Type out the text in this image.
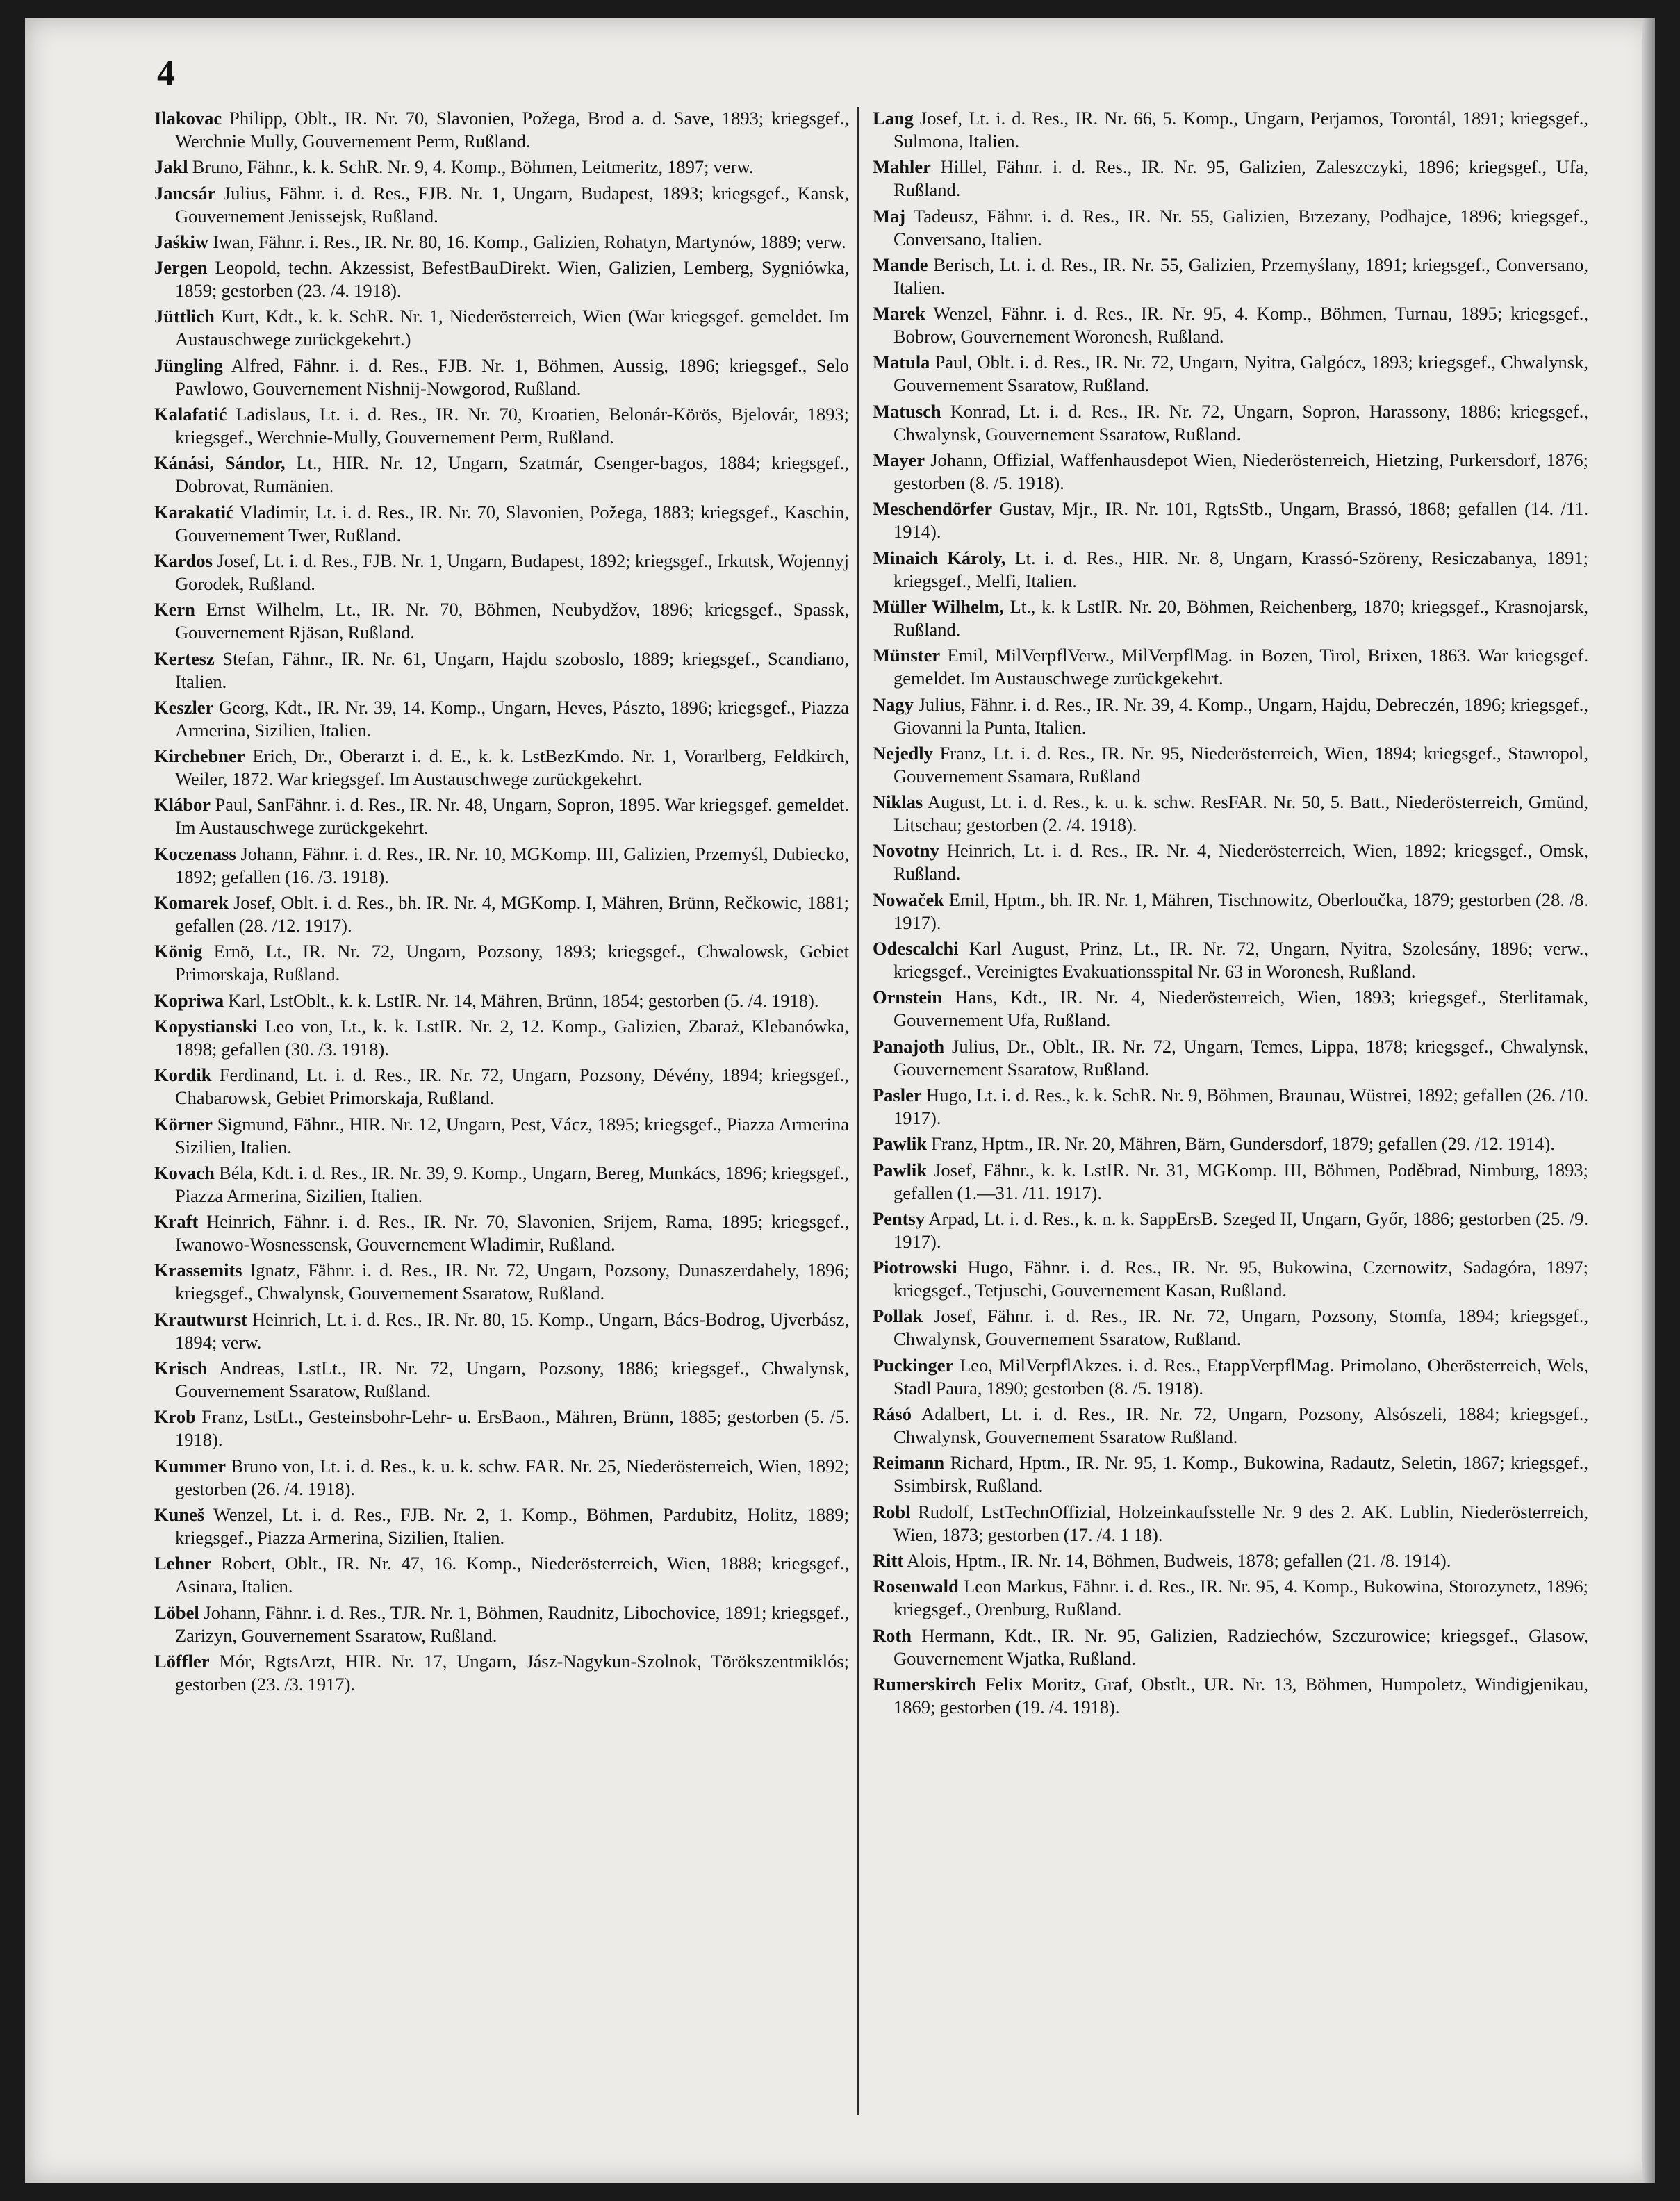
4

Ilakovac Philipp, Oblt., IR. Nr. 70, Slavonien, Požega, Brod a. d. Save, 1893; kriegsgef., Werchnie Mully, Gouvernement Perm, Rußland.

Jakl Bruno, Fähnr., k. k. SchR. Nr. 9, 4. Komp., Böhmen, Leitmeritz, 1897; verw.

Jancsár Julius, Fähnr. i. d. Res., FJB. Nr. 1, Ungarn, Budapest, 1893; kriegsgef., Kansk, Gouvernement Jenissejsk, Rußland.

Jaśkiw Iwan, Fähnr. i. Res., IR. Nr. 80, 16. Komp., Galizien, Rohatyn, Martynów, 1889; verw.

Jergen Leopold, techn. Akzessist, BefestBauDirekt. Wien, Galizien, Lemberg, Sygniówka, 1859; gestorben (23. /4. 1918).

Jüttlich Kurt, Kdt., k. k. SchR. Nr. 1, Niederösterreich, Wien (War kriegsgef. gemeldet. Im Austauschwege zurückgekehrt.)

Jüngling Alfred, Fähnr. i. d. Res., FJB. Nr. 1, Böhmen, Aussig, 1896; kriegsgef., Selo Pawlowo, Gouvernement Nishnij-Nowgorod, Rußland.

Kalafatić Ladislaus, Lt. i. d. Res., IR. Nr. 70, Kroatien, Belonár-Körös, Bjelovár, 1893; kriegsgef., Werchnie-Mully, Gouvernement Perm, Rußland.

Kánási, Sándor, Lt., HIR. Nr. 12, Ungarn, Szatmár, Csenger-bagos, 1884; kriegsgef., Dobrovat, Rumänien.

Karakatić Vladimir, Lt. i. d. Res., IR. Nr. 70, Slavonien, Požega, 1883; kriegsgef., Kaschin, Gouvernement Twer, Rußland.

Kardos Josef, Lt. i. d. Res., FJB. Nr. 1, Ungarn, Budapest, 1892; kriegsgef., Irkutsk, Wojennyj Gorodek, Rußland.

Kern Ernst Wilhelm, Lt., IR. Nr. 70, Böhmen, Neubydžov, 1896; kriegsgef., Spassk, Gouvernement Rjäsan, Rußland.

Kertesz Stefan, Fähnr., IR. Nr. 61, Ungarn, Hajdu szoboslo, 1889; kriegsgef., Scandiano, Italien.

Keszler Georg, Kdt., IR. Nr. 39, 14. Komp., Ungarn, Heves, Pászto, 1896; kriegsgef., Piazza Armerina, Sizilien, Italien.

Kirchebner Erich, Dr., Oberarzt i. d. E., k. k. LstBezKmdo. Nr. 1, Vorarlberg, Feldkirch, Weiler, 1872. War kriegsgef. Im Austauschwege zurückgekehrt.

Klábor Paul, SanFähnr. i. d. Res., IR. Nr. 48, Ungarn, Sopron, 1895. War kriegsgef. gemeldet. Im Austauschwege zurückgekehrt.

Koczenass Johann, Fähnr. i. d. Res., IR. Nr. 10, MGKomp. III, Galizien, Przemyśl, Dubiecko, 1892; gefallen (16. /3. 1918).

Komarek Josef, Oblt. i. d. Res., bh. IR. Nr. 4, MGKomp. I, Mähren, Brünn, Rečkowic, 1881; gefallen (28. /12. 1917).

König Ernö, Lt., IR. Nr. 72, Ungarn, Pozsony, 1893; kriegsgef., Chwalowsk, Gebiet Primorskaja, Rußland.

Kopriwa Karl, LstOblt., k. k. LstIR. Nr. 14, Mähren, Brünn, 1854; gestorben (5. /4. 1918).

Kopystianski Leo von, Lt., k. k. LstIR. Nr. 2, 12. Komp., Galizien, Zbaraż, Klebanówka, 1898; gefallen (30. /3. 1918).

Kordik Ferdinand, Lt. i. d. Res., IR. Nr. 72, Ungarn, Pozsony, Dévény, 1894; kriegsgef., Chabarowsk, Gebiet Primorskaja, Rußland.

Körner Sigmund, Fähnr., HIR. Nr. 12, Ungarn, Pest, Vácz, 1895; kriegsgef., Piazza Armerina Sizilien, Italien.

Kovach Béla, Kdt. i. d. Res., IR. Nr. 39, 9. Komp., Ungarn, Bereg, Munkács, 1896; kriegsgef., Piazza Armerina, Sizilien, Italien.

Kraft Heinrich, Fähnr. i. d. Res., IR. Nr. 70, Slavonien, Srijem, Rama, 1895; kriegsgef., Iwanowo-Wosnessensk, Gouvernement Wladimir, Rußland.

Krassemits Ignatz, Fähnr. i. d. Res., IR. Nr. 72, Ungarn, Pozsony, Dunaszerdahely, 1896; kriegsgef., Chwalynsk, Gouvernement Ssaratow, Rußland.

Krautwurst Heinrich, Lt. i. d. Res., IR. Nr. 80, 15. Komp., Ungarn, Bács-Bodrog, Ujverbász, 1894; verw.

Krisch Andreas, LstLt., IR. Nr. 72, Ungarn, Pozsony, 1886; kriegsgef., Chwalynsk, Gouvernement Ssaratow, Rußland.

Krob Franz, LstLt., Gesteinsbohr-Lehr- u. ErsBaon., Mähren, Brünn, 1885; gestorben (5. /5. 1918).

Kummer Bruno von, Lt. i. d. Res., k. u. k. schw. FAR. Nr. 25, Niederösterreich, Wien, 1892; gestorben (26. /4. 1918).

Kuneš Wenzel, Lt. i. d. Res., FJB. Nr. 2, 1. Komp., Böhmen, Pardubitz, Holitz, 1889; kriegsgef., Piazza Armerina, Sizilien, Italien.

Lehner Robert, Oblt., IR. Nr. 47, 16. Komp., Niederösterreich, Wien, 1888; kriegsgef., Asinara, Italien.

Löbel Johann, Fähnr. i. d. Res., TJR. Nr. 1, Böhmen, Raudnitz, Libochovice, 1891; kriegsgef., Zarizyn, Gouvernement Ssaratow, Rußland.

Löffler Mór, RgtsArzt, HIR. Nr. 17, Ungarn, Jász-Nagykun-Szolnok, Törökszentmiklós; gestorben (23. /3. 1917).

Lang Josef, Lt. i. d. Res., IR. Nr. 66, 5. Komp., Ungarn, Perjamos, Torontál, 1891; kriegsgef., Sulmona, Italien.

Mahler Hillel, Fähnr. i. d. Res., IR. Nr. 95, Galizien, Zaleszczyki, 1896; kriegsgef., Ufa, Rußland.

Maj Tadeusz, Fähnr. i. d. Res., IR. Nr. 55, Galizien, Brzezany, Podhajce, 1896; kriegsgef., Conversano, Italien.

Mande Berisch, Lt. i. d. Res., IR. Nr. 55, Galizien, Przemyślany, 1891; kriegsgef., Conversano, Italien.

Marek Wenzel, Fähnr. i. d. Res., IR. Nr. 95, 4. Komp., Böhmen, Turnau, 1895; kriegsgef., Bobrow, Gouvernement Woronesh, Rußland.

Matula Paul, Oblt. i. d. Res., IR. Nr. 72, Ungarn, Nyitra, Galgócz, 1893; kriegsgef., Chwalynsk, Gouvernement Ssaratow, Rußland.

Matusch Konrad, Lt. i. d. Res., IR. Nr. 72, Ungarn, Sopron, Harassony, 1886; kriegsgef., Chwalynsk, Gouvernement Ssaratow, Rußland.

Mayer Johann, Offizial, Waffenhausdepot Wien, Niederösterreich, Hietzing, Purkersdorf, 1876; gestorben (8. /5. 1918).

Meschendörfer Gustav, Mjr., IR. Nr. 101, RgtsStb., Ungarn, Brassó, 1868; gefallen (14. /11. 1914).

Minaich Károly, Lt. i. d. Res., HIR. Nr. 8, Ungarn, Krassó-Szöreny, Resiczabanya, 1891; kriegsgef., Melfi, Italien.

Müller Wilhelm, Lt., k. k LstIR. Nr. 20, Böhmen, Reichenberg, 1870; kriegsgef., Krasnojarsk, Rußland.

Münster Emil, MilVerpflVerw., MilVerpflMag. in Bozen, Tirol, Brixen, 1863. War kriegsgef. gemeldet. Im Austauschwege zurückgekehrt.

Nagy Julius, Fähnr. i. d. Res., IR. Nr. 39, 4. Komp., Ungarn, Hajdu, Debreczén, 1896; kriegsgef., Giovanni la Punta, Italien.

Nejedly Franz, Lt. i. d. Res., IR. Nr. 95, Niederösterreich, Wien, 1894; kriegsgef., Stawropol, Gouvernement Ssamara, Rußland

Niklas August, Lt. i. d. Res., k. u. k. schw. ResFAR. Nr. 50, 5. Batt., Niederösterreich, Gmünd, Litschau; gestorben (2. /4. 1918).

Novotny Heinrich, Lt. i. d. Res., IR. Nr. 4, Niederösterreich, Wien, 1892; kriegsgef., Omsk, Rußland.

Nowaček Emil, Hptm., bh. IR. Nr. 1, Mähren, Tischnowitz, Oberloučka, 1879; gestorben (28. /8. 1917).

Odescalchi Karl August, Prinz, Lt., IR. Nr. 72, Ungarn, Nyitra, Szolesány, 1896; verw., kriegsgef., Vereinigtes Evakuationsspital Nr. 63 in Woronesh, Rußland.

Ornstein Hans, Kdt., IR. Nr. 4, Niederösterreich, Wien, 1893; kriegsgef., Sterlitamak, Gouvernement Ufa, Rußland.

Panajoth Julius, Dr., Oblt., IR. Nr. 72, Ungarn, Temes, Lippa, 1878; kriegsgef., Chwalynsk, Gouvernement Ssaratow, Rußland.

Pasler Hugo, Lt. i. d. Res., k. k. SchR. Nr. 9, Böhmen, Braunau, Wüstrei, 1892; gefallen (26. /10. 1917).

Pawlik Franz, Hptm., IR. Nr. 20, Mähren, Bärn, Gundersdorf, 1879; gefallen (29. /12. 1914).

Pawlik Josef, Fähnr., k. k. LstIR. Nr. 31, MGKomp. III, Böhmen, Poděbrad, Nimburg, 1893; gefallen (1.—31. /11. 1917).

Pentsy Arpad, Lt. i. d. Res., k. n. k. SappErsB. Szeged II, Ungarn, Győr, 1886; gestorben (25. /9. 1917).

Piotrowski Hugo, Fähnr. i. d. Res., IR. Nr. 95, Bukowina, Czernowitz, Sadagóra, 1897; kriegsgef., Tetjuschi, Gouvernement Kasan, Rußland.

Pollak Josef, Fähnr. i. d. Res., IR. Nr. 72, Ungarn, Pozsony, Stomfa, 1894; kriegsgef., Chwalynsk, Gouvernement Ssaratow, Rußland.

Puckinger Leo, MilVerpflAkzes. i. d. Res., EtappVerpflMag. Primolano, Oberösterreich, Wels, Stadl Paura, 1890; gestorben (8. /5. 1918).

Rásó Adalbert, Lt. i. d. Res., IR. Nr. 72, Ungarn, Pozsony, Alsószeli, 1884; kriegsgef., Chwalynsk, Gouvernement Ssaratow Rußland.

Reimann Richard, Hptm., IR. Nr. 95, 1. Komp., Bukowina, Radautz, Seletin, 1867; kriegsgef., Ssimbirsk, Rußland.

Robl Rudolf, LstTechnOffizial, Holzeinkaufsstelle Nr. 9 des 2. AK. Lublin, Niederösterreich, Wien, 1873; gestorben (17. /4. 1 18).

Ritt Alois, Hptm., IR. Nr. 14, Böhmen, Budweis, 1878; gefallen (21. /8. 1914).

Rosenwald Leon Markus, Fähnr. i. d. Res., IR. Nr. 95, 4. Komp., Bukowina, Storozynetz, 1896; kriegsgef., Orenburg, Rußland.

Roth Hermann, Kdt., IR. Nr. 95, Galizien, Radziechów, Szczurowice; kriegsgef., Glasow, Gouvernement Wjatka, Rußland.

Rumerskirch Felix Moritz, Graf, Obstlt., UR. Nr. 13, Böhmen, Humpoletz, Windigjenikau, 1869; gestorben (19. /4. 1918).
